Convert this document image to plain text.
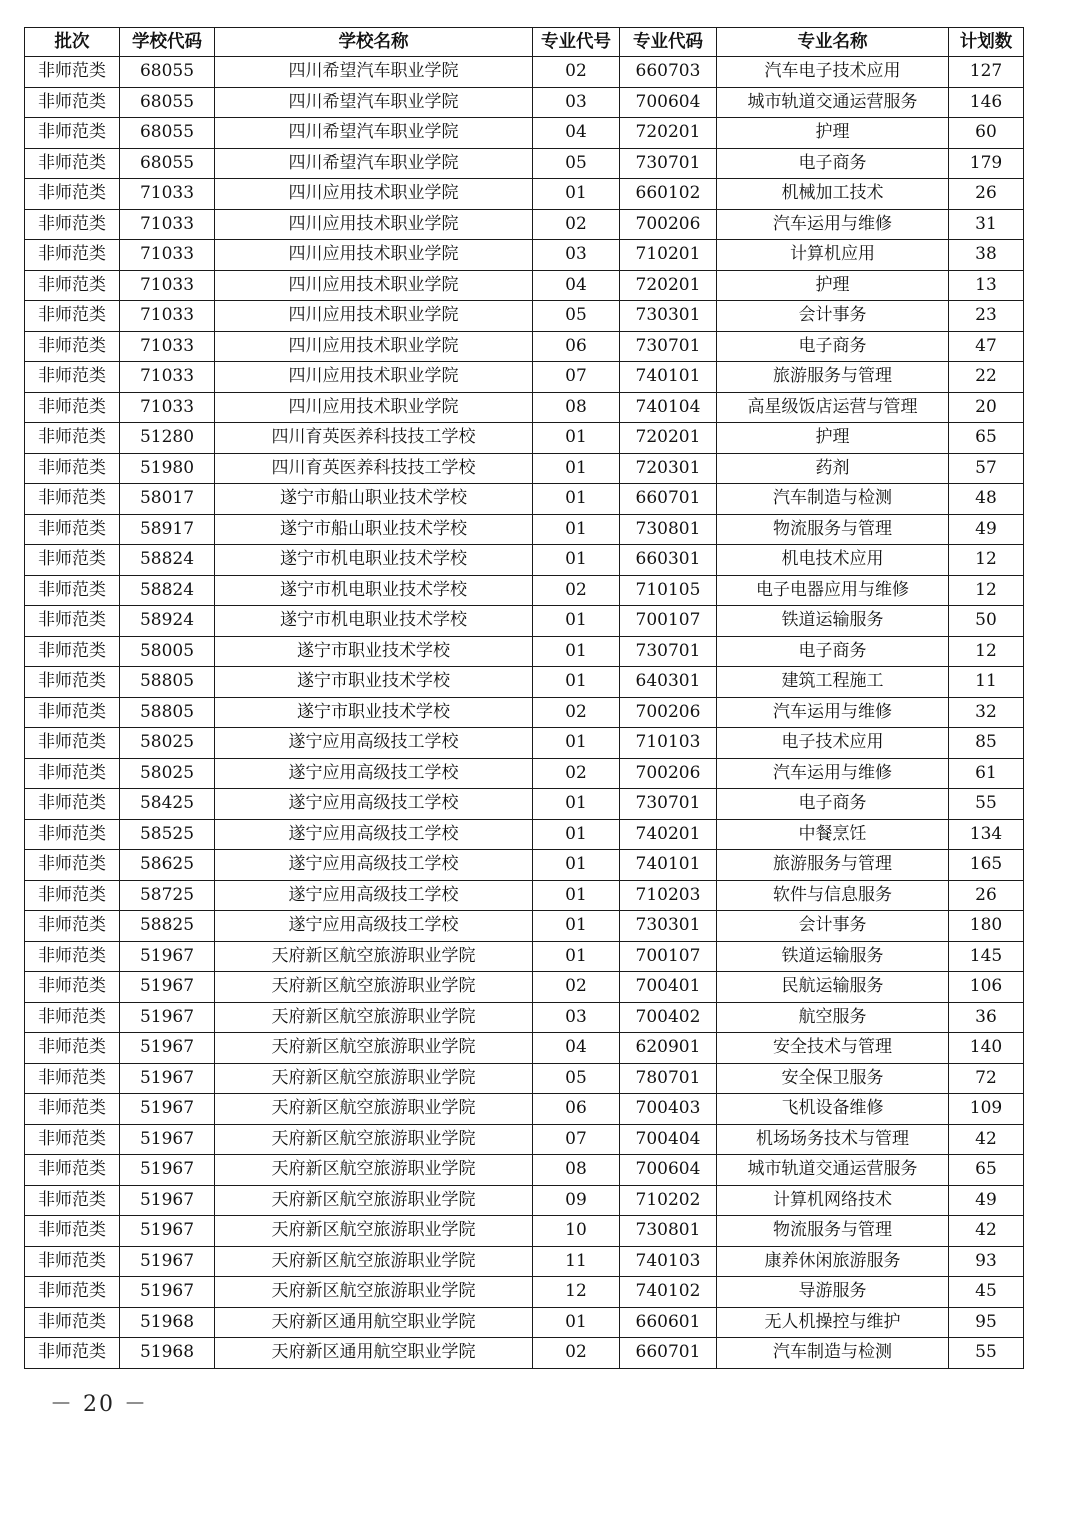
批次	学校代码	学校名称	专业代号	专业代码	专业名称	计划数
非师范类	68055	四川希望汽车职业学院	02	660703	汽车电子技术应用	127
非师范类	68055	四川希望汽车职业学院	03	700604	城市轨道交通运营服务	146
非师范类	68055	四川希望汽车职业学院	04	720201	护理	60
非师范类	68055	四川希望汽车职业学院	05	730701	电子商务	179
非师范类	71033	四川应用技术职业学院	01	660102	机械加工技术	26
非师范类	71033	四川应用技术职业学院	02	700206	汽车运用与维修	31
非师范类	71033	四川应用技术职业学院	03	710201	计算机应用	38
非师范类	71033	四川应用技术职业学院	04	720201	护理	13
非师范类	71033	四川应用技术职业学院	05	730301	会计事务	23
非师范类	71033	四川应用技术职业学院	06	730701	电子商务	47
非师范类	71033	四川应用技术职业学院	07	740101	旅游服务与管理	22
非师范类	71033	四川应用技术职业学院	08	740104	高星级饭店运营与管理	20
非师范类	51280	四川育英医养科技技工学校	01	720201	护理	65
非师范类	51980	四川育英医养科技技工学校	01	720301	药剂	57
非师范类	58017	遂宁市船山职业技术学校	01	660701	汽车制造与检测	48
非师范类	58917	遂宁市船山职业技术学校	01	730801	物流服务与管理	49
非师范类	58824	遂宁市机电职业技术学校	01	660301	机电技术应用	12
非师范类	58824	遂宁市机电职业技术学校	02	710105	电子电器应用与维修	12
非师范类	58924	遂宁市机电职业技术学校	01	700107	铁道运输服务	50
非师范类	58005	遂宁市职业技术学校	01	730701	电子商务	12
非师范类	58805	遂宁市职业技术学校	01	640301	建筑工程施工	11
非师范类	58805	遂宁市职业技术学校	02	700206	汽车运用与维修	32
非师范类	58025	遂宁应用高级技工学校	01	710103	电子技术应用	85
非师范类	58025	遂宁应用高级技工学校	02	700206	汽车运用与维修	61
非师范类	58425	遂宁应用高级技工学校	01	730701	电子商务	55
非师范类	58525	遂宁应用高级技工学校	01	740201	中餐烹饪	134
非师范类	58625	遂宁应用高级技工学校	01	740101	旅游服务与管理	165
非师范类	58725	遂宁应用高级技工学校	01	710203	软件与信息服务	26
非师范类	58825	遂宁应用高级技工学校	01	730301	会计事务	180
非师范类	51967	天府新区航空旅游职业学院	01	700107	铁道运输服务	145
非师范类	51967	天府新区航空旅游职业学院	02	700401	民航运输服务	106
非师范类	51967	天府新区航空旅游职业学院	03	700402	航空服务	36
非师范类	51967	天府新区航空旅游职业学院	04	620901	安全技术与管理	140
非师范类	51967	天府新区航空旅游职业学院	05	780701	安全保卫服务	72
非师范类	51967	天府新区航空旅游职业学院	06	700403	飞机设备维修	109
非师范类	51967	天府新区航空旅游职业学院	07	700404	机场场务技术与管理	42
非师范类	51967	天府新区航空旅游职业学院	08	700604	城市轨道交通运营服务	65
非师范类	51967	天府新区航空旅游职业学院	09	710202	计算机网络技术	49
非师范类	51967	天府新区航空旅游职业学院	10	730801	物流服务与管理	42
非师范类	51967	天府新区航空旅游职业学院	11	740103	康养休闲旅游服务	93
非师范类	51967	天府新区航空旅游职业学院	12	740102	导游服务	45
非师范类	51968	天府新区通用航空职业学院	01	660601	无人机操控与维护	95
非师范类	51968	天府新区通用航空职业学院	02	660701	汽车制造与检测	55
－ 20 －
